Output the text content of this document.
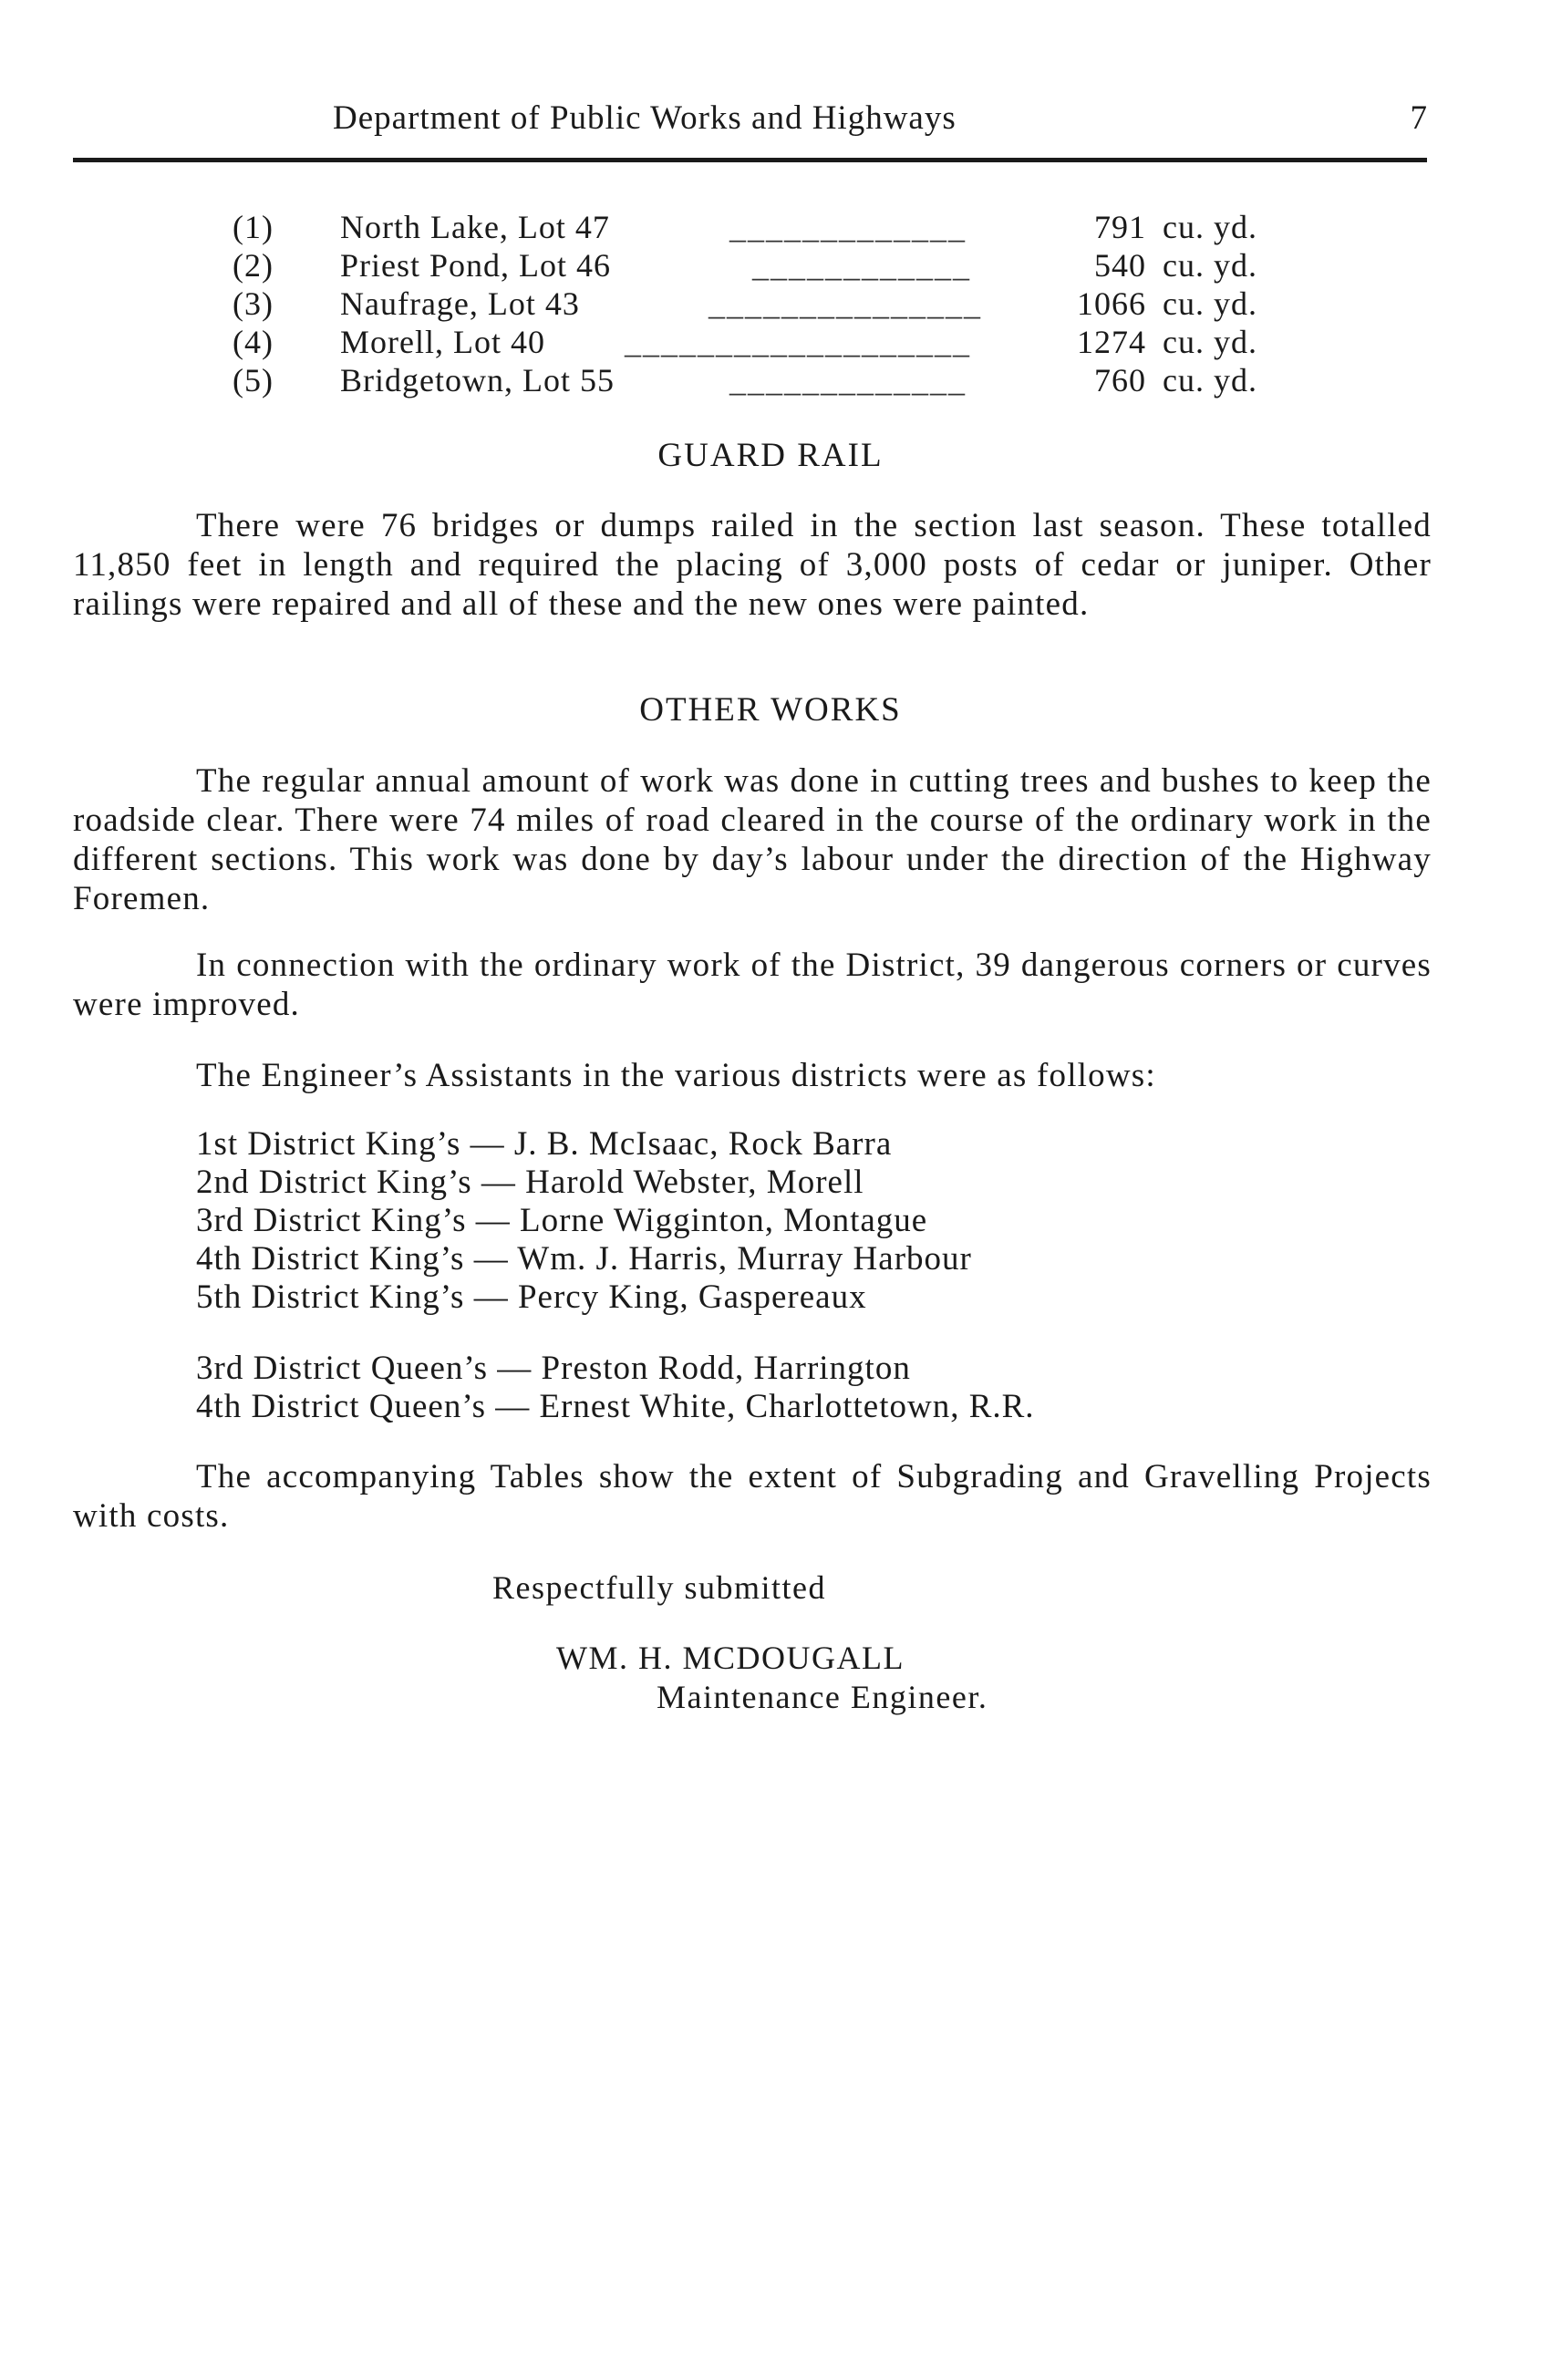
Department of Public Works and Highways	7
(1) North Lake, Lot 47	_____________	791 cu. yd.
(2) Priest Pond, Lot 46	____________	540 cu. yd.
(3) Naufrage, Lot 43	_______________	1066 cu. yd.
(4) Morell, Lot 40 ___________________	1274 cu. yd.
(5) Bridgetown, Lot 55	_____________	760 cu. yd.
GUARD RAIL

There were 76 bridges or dumps railed in the section last season. These totalled 11,850 feet in length and required the placing of 3,000 posts of cedar or juniper. Other railings were repaired and all of these and the new ones were painted.

OTHER WORKS

The regular annual amount of work was done in cutting trees and bushes to keep the roadside clear. There were 74 miles of road cleared in the course of the ordinary work in the different sections. This work was done by day’s labour under the direction of the Highway Foremen.

In connection with the ordinary work of the District, 39 dangerous corners or curves were improved.

The Engineer’s Assistants in the various districts were as follows:

1st District King’s — J. B. McIsaac, Rock Barra
2nd District King’s — Harold Webster, Morell
3rd District King’s — Lorne Wigginton, Montague
4th District King’s — Wm. J. Harris, Murray Harbour
5th District King’s — Percy King, Gaspereaux
3rd District Queen’s — Preston Rodd, Harrington
4th District Queen’s — Ernest White, Charlottetown, R.R.

The accompanying Tables show the extent of Subgrading and Gravelling Projects with costs.

Respectfully submitted
WM. H. MCDOUGALL
Maintenance Engineer.
